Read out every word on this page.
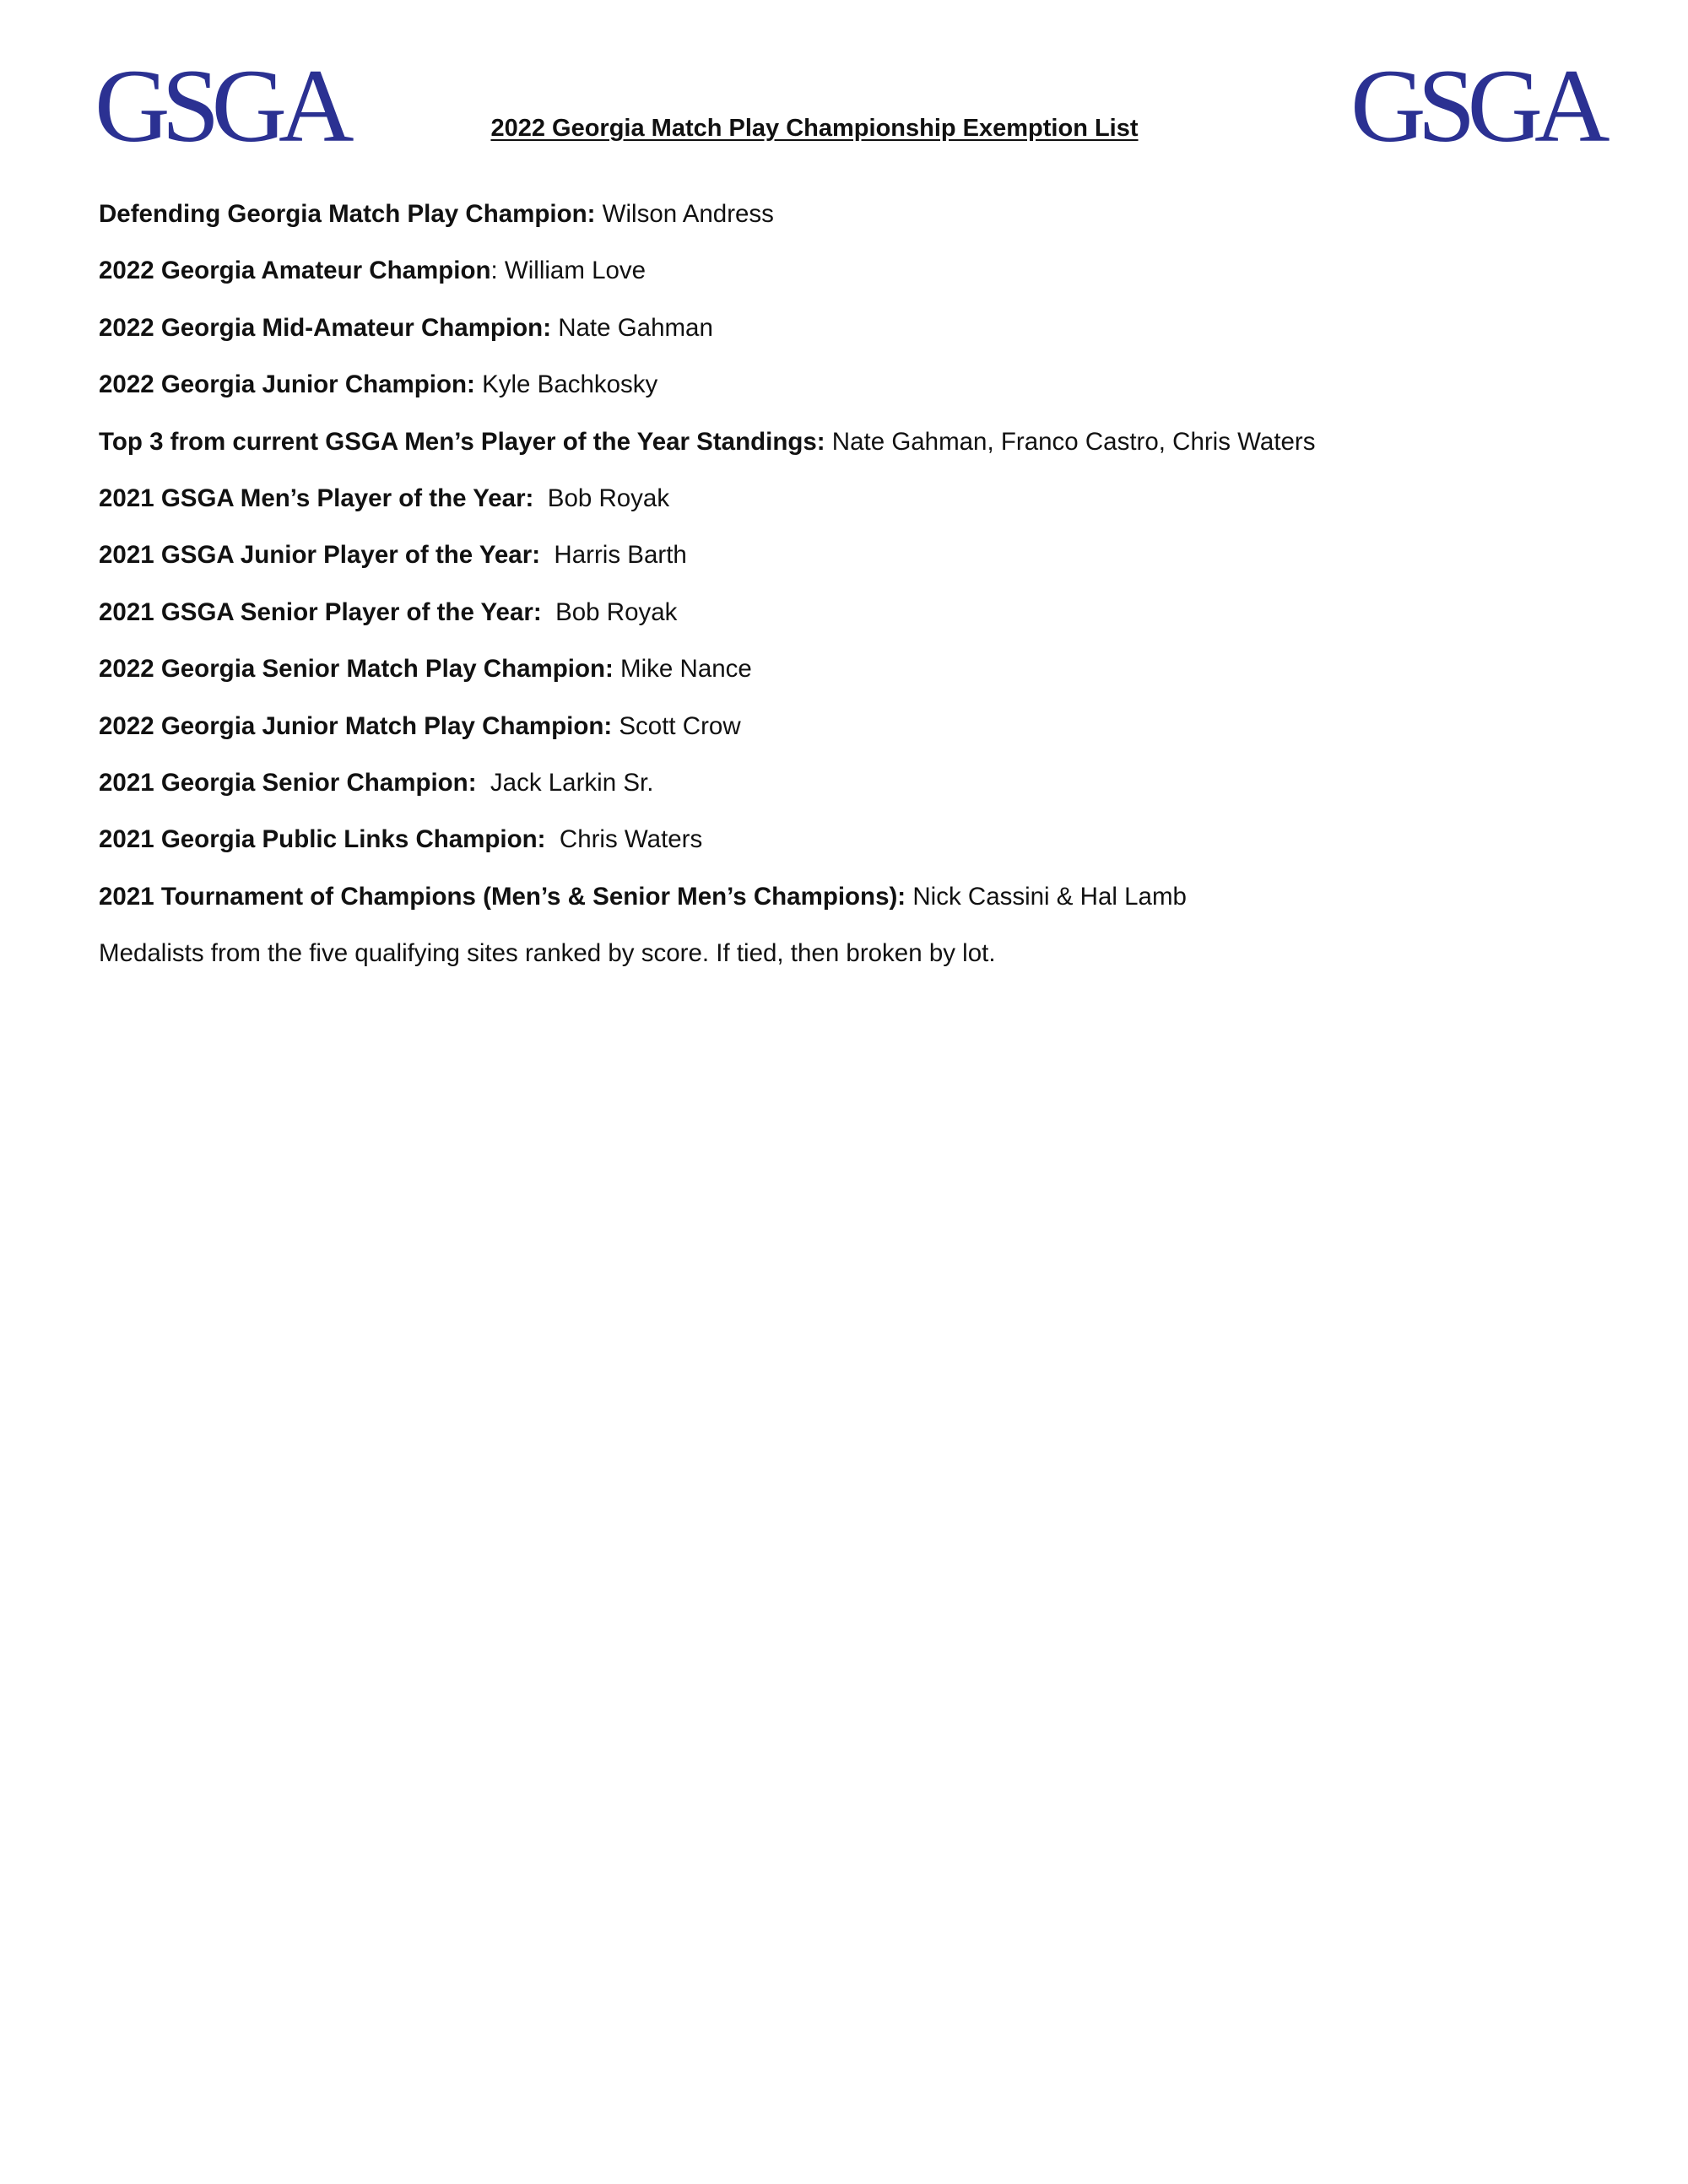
GSGA	GSGA
2022 Georgia Match Play Championship Exemption List
Defending Georgia Match Play Champion: Wilson Andress
2022 Georgia Amateur Champion: William Love
2022 Georgia Mid-Amateur Champion: Nate Gahman
2022 Georgia Junior Champion: Kyle Bachkosky
Top 3 from current GSGA Men’s Player of the Year Standings: Nate Gahman, Franco Castro, Chris Waters
2021 GSGA Men’s Player of the Year:  Bob Royak
2021 GSGA Junior Player of the Year:  Harris Barth
2021 GSGA Senior Player of the Year:  Bob Royak
2022 Georgia Senior Match Play Champion: Mike Nance
2022 Georgia Junior Match Play Champion: Scott Crow
2021 Georgia Senior Champion:  Jack Larkin Sr.
2021 Georgia Public Links Champion:  Chris Waters
2021 Tournament of Champions (Men’s & Senior Men’s Champions): Nick Cassini & Hal Lamb
Medalists from the five qualifying sites ranked by score. If tied, then broken by lot.
